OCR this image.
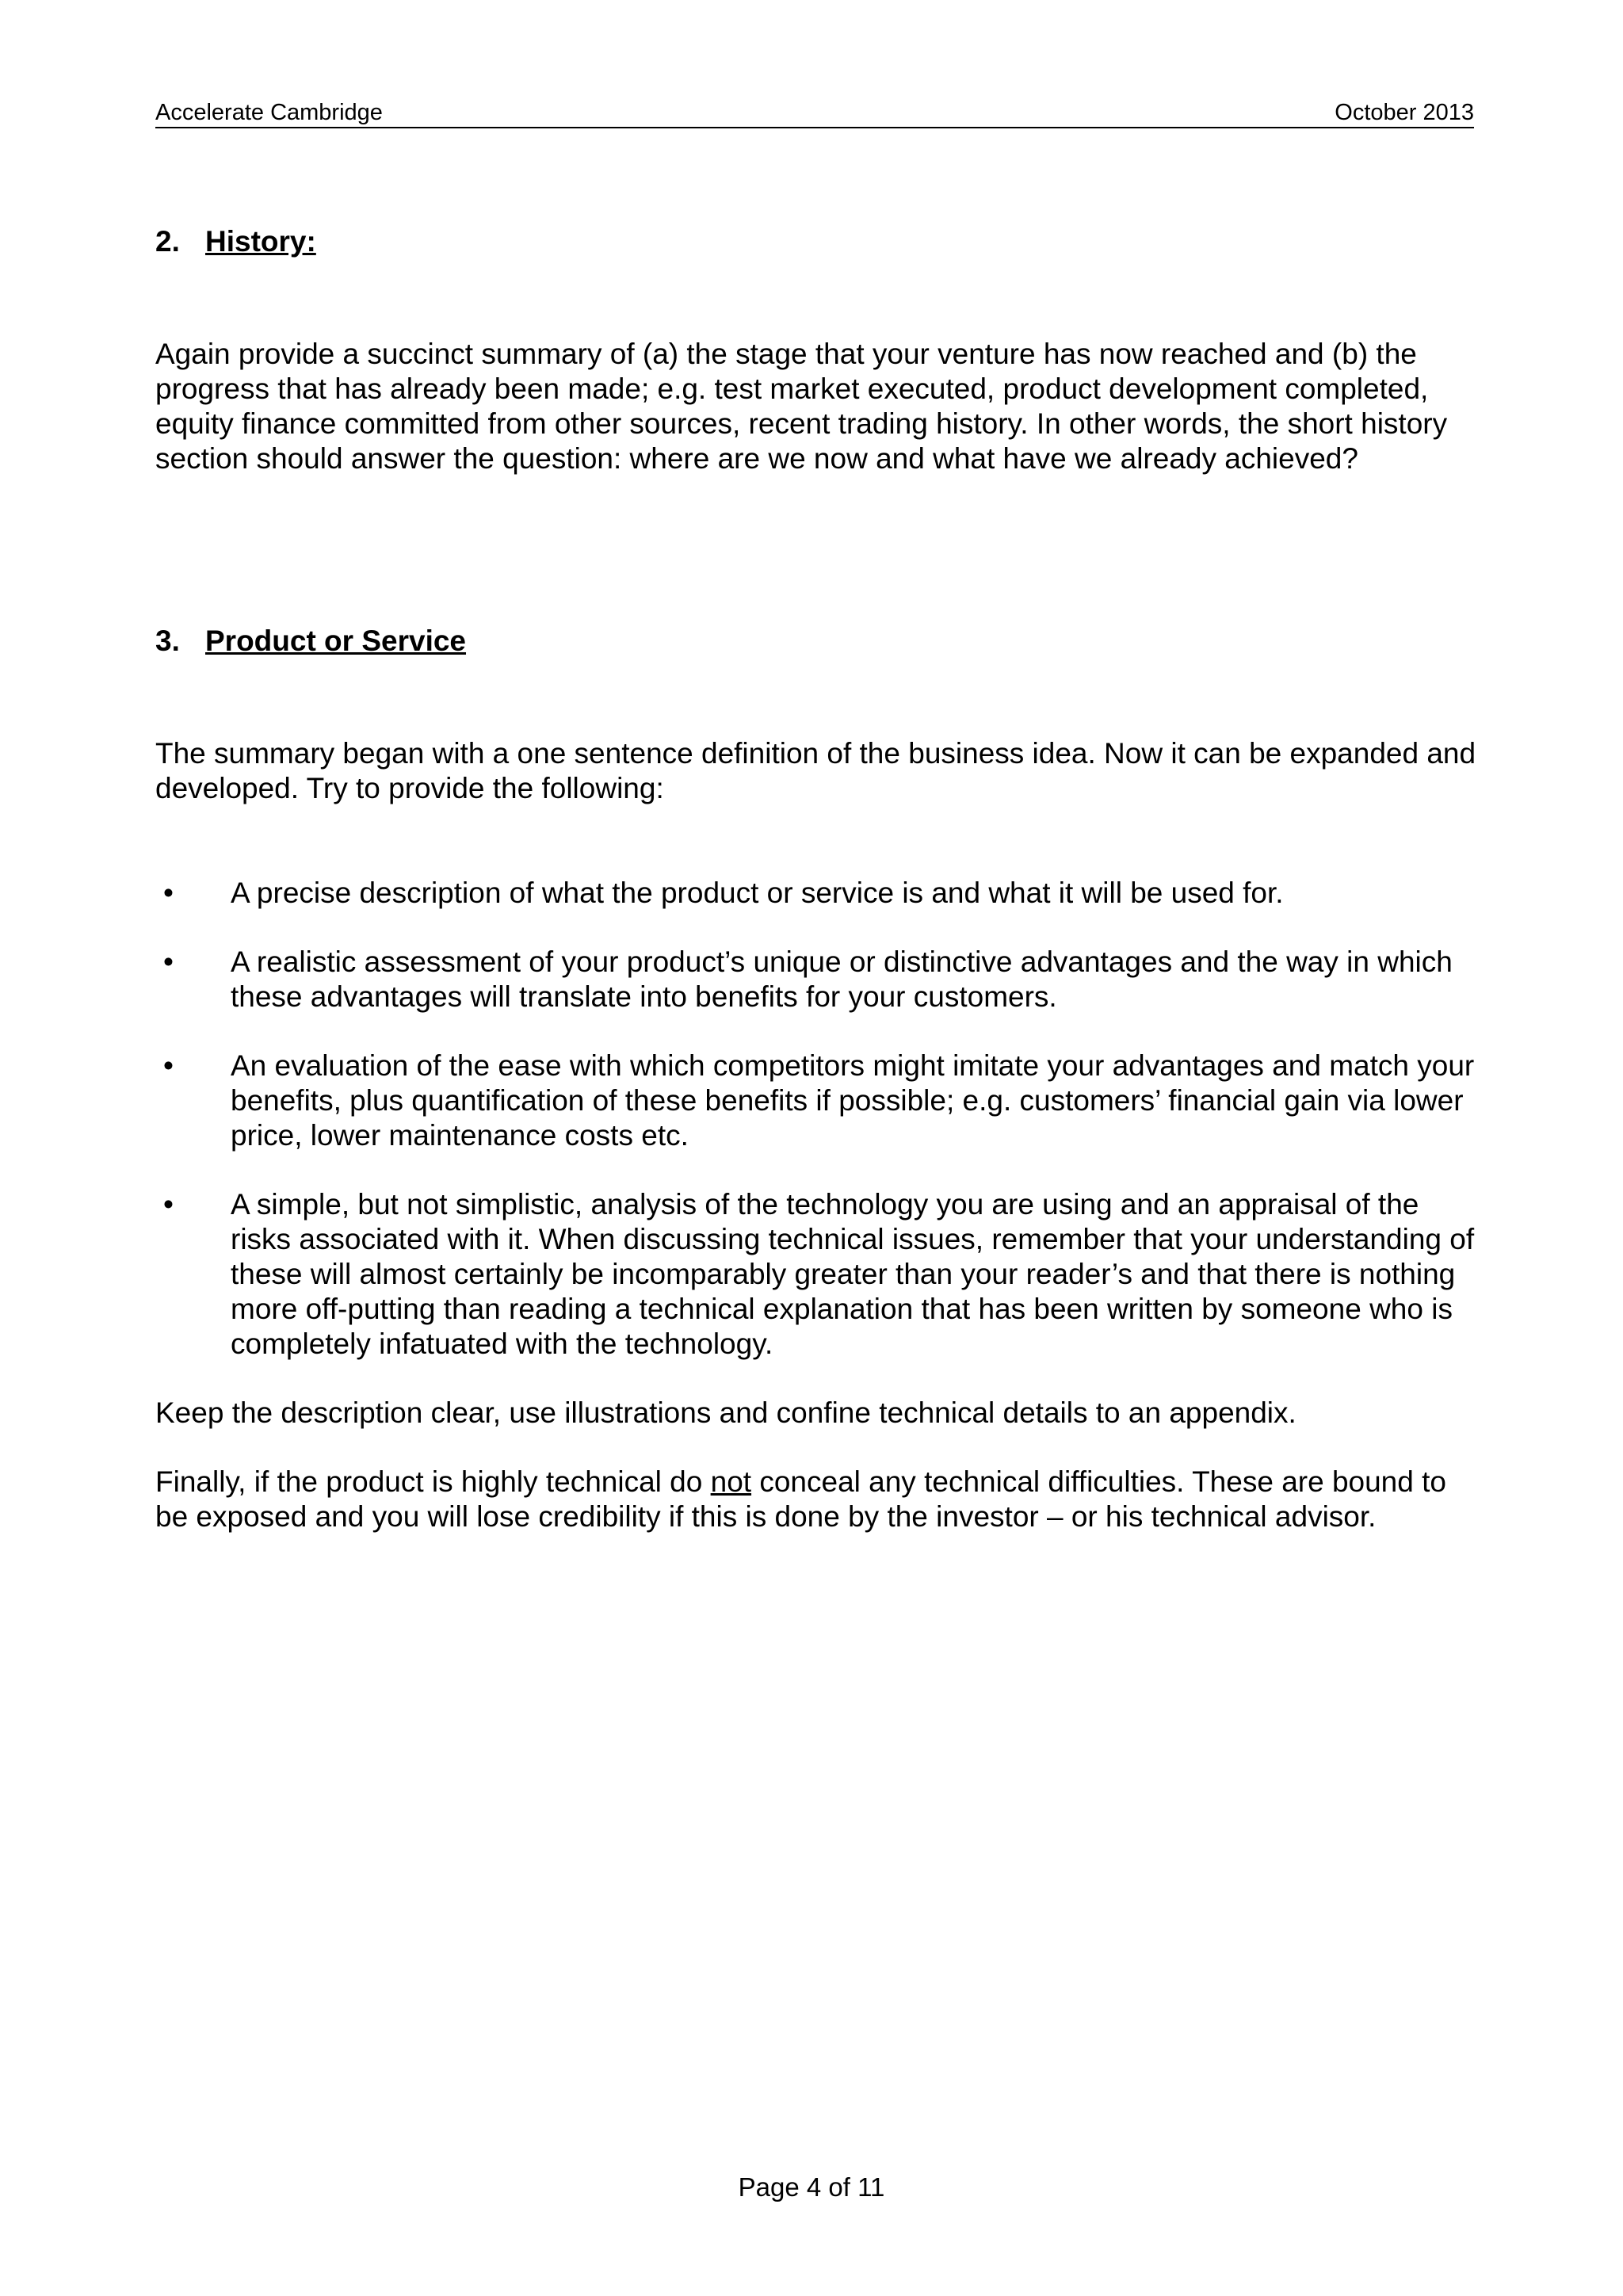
Accelerate Cambridge	October 2013
2. History:

Again provide a succinct summary of (a) the stage that your venture has now reached and (b) the progress that has already been made; e.g. test market executed, product development completed, equity finance committed from other sources, recent trading history. In other words, the short history section should answer the question: where are we now and what have we already achieved?

3. Product or Service

The summary began with a one sentence definition of the business idea. Now it can be expanded and developed. Try to provide the following:

• A precise description of what the product or service is and what it will be used for.
• A realistic assessment of your product’s unique or distinctive advantages and the way in which these advantages will translate into benefits for your customers.
• An evaluation of the ease with which competitors might imitate your advantages and match your benefits, plus quantification of these benefits if possible; e.g. customers’ financial gain via lower price, lower maintenance costs etc.
• A simple, but not simplistic, analysis of the technology you are using and an appraisal of the risks associated with it. When discussing technical issues, remember that your understanding of these will almost certainly be incomparably greater than your reader’s and that there is nothing more off-putting than reading a technical explanation that has been written by someone who is completely infatuated with the technology.

Keep the description clear, use illustrations and confine technical details to an appendix.

Finally, if the product is highly technical do not conceal any technical difficulties. These are bound to be exposed and you will lose credibility if this is done by the investor – or his technical advisor.

Page 4 of 11
